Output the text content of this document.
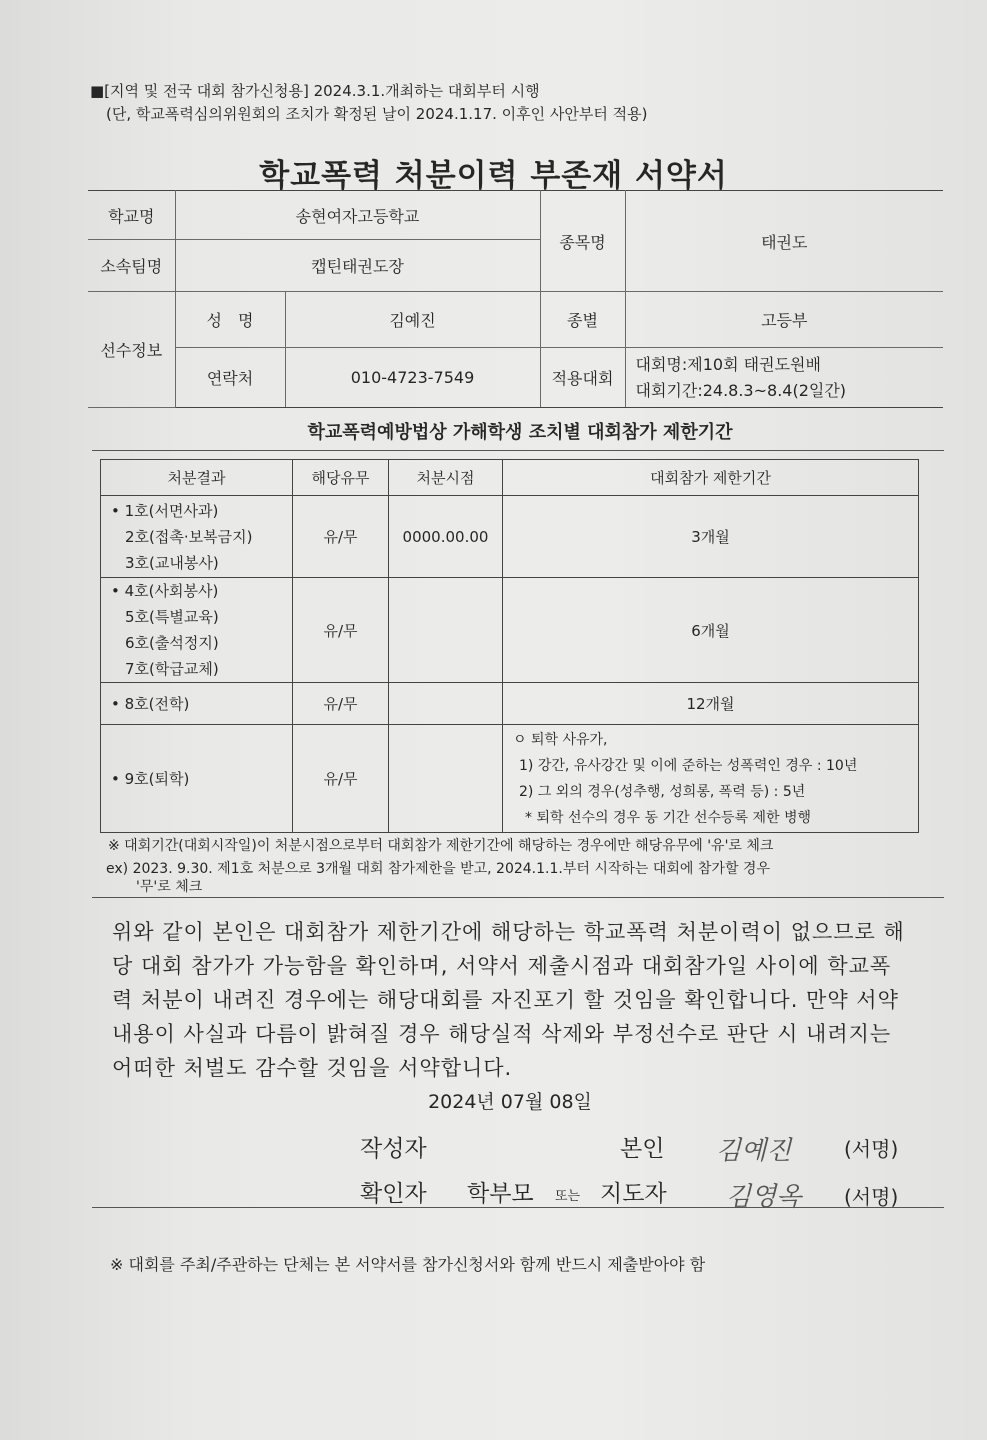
■[지역 및 전국 대회 참가신청용] 2024.3.1.개최하는 대회부터 시행
(단, 학교폭력심의위원회의 조치가 확정된 날이 2024.1.17. 이후인 사안부터 적용)
학교폭력 처분이력 부존재 서약서
학교명	송현여자고등학교		종목명	태권도
소속팀명	캡틴태권도장			
선수정보	성　명	김예진	종별	고등부
	연락처	010-4723-7549	적용대회	대회명:제10회 태권도원배
대회기간:24.8.3~8.4(2일간)
학교폭력예방법상 가해학생 조치별 대회참가 제한기간
처분결과	해당유무	처분시점	대회참가 제한기간

• 1호(서면사과)
2호(접촉·보복금지)
3호(교내봉사)	유/무	0000.00.00	3개월

• 4호(사회봉사)
5호(특별교육)
6호(출석정지)
7호(학급교체)	유/무		6개월

• 8호(전학)	유/무		12개월

• 9호(퇴학)	유/무		ㅇ 퇴학 사유가,
1) 강간, 유사강간 및 이에 준하는 성폭력인 경우 : 10년
2) 그 외의 경우(성추행, 성희롱, 폭력 등) : 5년
* 퇴학 선수의 경우 동 기간 선수등록 제한 병행
※ 대회기간(대회시작일)이 처분시점으로부터 대회참가 제한기간에 해당하는 경우에만 해당유무에 '유'로 체크
ex) 2023. 9.30. 제1호 처분으로 3개월 대회 참가제한을 받고, 2024.1.1.부터 시작하는 대회에 참가할 경우
'무'로 체크
위와 같이 본인은 대회참가 제한기간에 해당하는 학교폭력 처분이력이 없으므로 해당 대회 참가가 가능함을 확인하며, 서약서 제출시점과 대회참가일 사이에 학교폭력 처분이 내려진 경우에는 해당대회를 자진포기 할 것임을 확인합니다. 만약 서약내용이 사실과 다름이 밝혀질 경우 해당실적 삭제와 부정선수로 판단 시 내려지는 어떠한 처벌도 감수할 것임을 서약합니다.
2024년 07월 08일
작성자	본인 김예진	(서명)
확인자 학부모 또는 지도자 김영옥 (서명)
※ 대회를 주최/주관하는 단체는 본 서약서를 참가신청서와 함께 반드시 제출받아야 함
